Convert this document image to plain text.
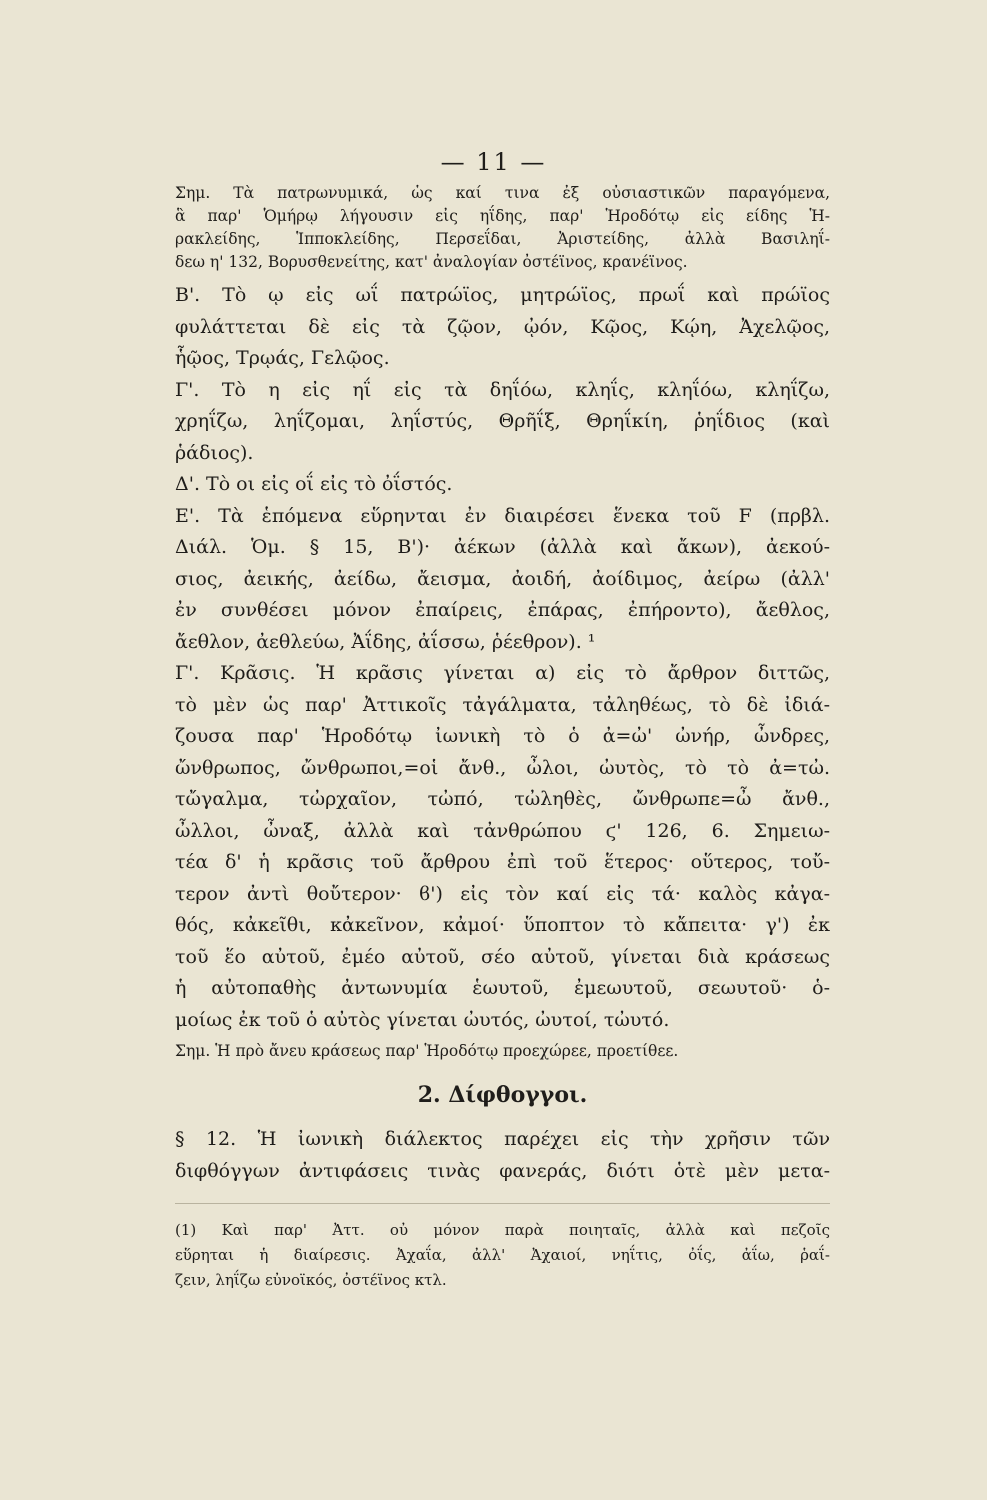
— 11 —
Σημ. Τὰ πατρωνυμικά, ὡς καί τινα ἐξ οὐσιαστικῶν παραγόμενα,
ἃ παρ' Ὁμήρῳ λήγουσιν εἰς ηΐδης, παρ' Ἡροδότῳ εἰς είδης Ἡ-
ρακλείδης, Ἱπποκλείδης, Περσεΐδαι, Ἀριστείδης, ἀλλὰ Βασιληΐ-
δεω η' 132, Βορυσθενείτης, κατ' ἀναλογίαν ὀστέϊνος, κρανέϊνος.
Β'. Τὸ ῳ εἰς ωΐ πατρώϊος, μητρώϊος, πρωΐ καὶ πρώϊος
φυλάττεται δὲ εἰς τὰ ζῷον, ᾠόν, Κῷος, Κῴη, Ἀχελῷος,
ἧῷος, Τρῳάς, Γελῷος.
Γ'. Τὸ η εἰς ηΐ εἰς τὰ δηΐόω, κληΐς, κληΐόω, κληΐζω,
χρηΐζω, ληΐζομαι, ληΐστύς, Θρῆΐξ, Θρηΐκίη, ῥηΐδιος (καὶ
ῥάδιος).
Δ'. Τὸ οι εἰς οΐ εἰς τὸ ὀΐστός.
Ε'. Τὰ ἑπόμενα εὕρηνται ἐν διαιρέσει ἕνεκα τοῦ F (πρβλ.
Διάλ. Ὁμ. § 15, Β')· ἀέκων (ἀλλὰ καὶ ἄκων), ἀεκού-
σιος, ἀεικής, ἀείδω, ἄεισμα, ἀοιδή, ἀοίδιμος, ἀείρω (ἀλλ'
ἐν συνθέσει μόνον ἐπαίρεις, ἐπάρας, ἐπήροντο), ἄεθλος,
ἄεθλον, ἀεθλεύω, Ἀΐδης, ἀΐσσω, ῥέεθρον). ¹
Γ'. Κρᾶσις. Ἡ κρᾶσις γίνεται α) εἰς τὸ ἄρθρον διττῶς,
τὸ μὲν ὡς παρ' Ἀττικοῖς τἀγάλματα, τἀληθέως, τὸ δὲ ἰδιά-
ζουσα παρ' Ἡροδότῳ ἰωνικὴ τὸ ὁ ἀ=ὠ' ὠνήρ, ὦνδρες,
ὤνθρωπος, ὤνθρωποι,=οἱ ἄνθ., ὦλοι, ὠυτὸς, τὸ τὸ ἀ=τὠ.
τὤγαλμα, τὠρχαῖον, τὠπό, τὠληθὲς, ὤνθρωπε=ὦ ἄνθ.,
ὦλλοι, ὦναξ, ἀλλὰ καὶ τἀνθρώπου ϛ' 126, 6. Σημειω-
τέα δ' ἡ κρᾶσις τοῦ ἄρθρου ἐπὶ τοῦ ἕτερος· οὕτερος, τοὔ-
τερον ἀντὶ θοὔτερον· ϐ') εἰς τὸν καί εἰς τά· καλὸς κἀγα-
θός, κἀκεῖθι, κἀκεῖνον, κἀμοί· ὕποπτον τὸ κἄπειτα· γ') ἐκ
τοῦ ἕο αὐτοῦ, ἐμέο αὐτοῦ, σέο αὐτοῦ, γίνεται διὰ κράσεως
ἡ αὐτοπαθὴς ἀντωνυμία ἑωυτοῦ, ἐμεωυτοῦ, σεωυτοῦ· ὁ-
μοίως ἐκ τοῦ ὁ αὐτὸς γίνεται ὠυτός, ὠυτοί, τὠυτό.
Σημ. Ἡ πρὸ ἄνευ κράσεως παρ' Ἡροδότῳ προεχώρεε, προετίθεε.
2. Δίφθογγοι.
§ 12. Ἡ ἰωνικὴ διάλεκτος παρέχει εἰς τὴν χρῆσιν τῶν
διφθόγγων ἀντιφάσεις τινὰς φανεράς, διότι ὁτὲ μὲν μετα-
(1) Καὶ παρ' Ἀττ. οὐ μόνον παρὰ ποιηταῖς, ἀλλὰ καὶ πεζοῖς
εὕρηται ἡ διαίρεσις. Ἀχαΐα, ἀλλ' Ἀχαιοί, νηΐτις, ὀΐς, ἀΐω, ῥαΐ-
ζειν, ληΐζω εὐνοϊκός, ὀστέϊνος κτλ.
